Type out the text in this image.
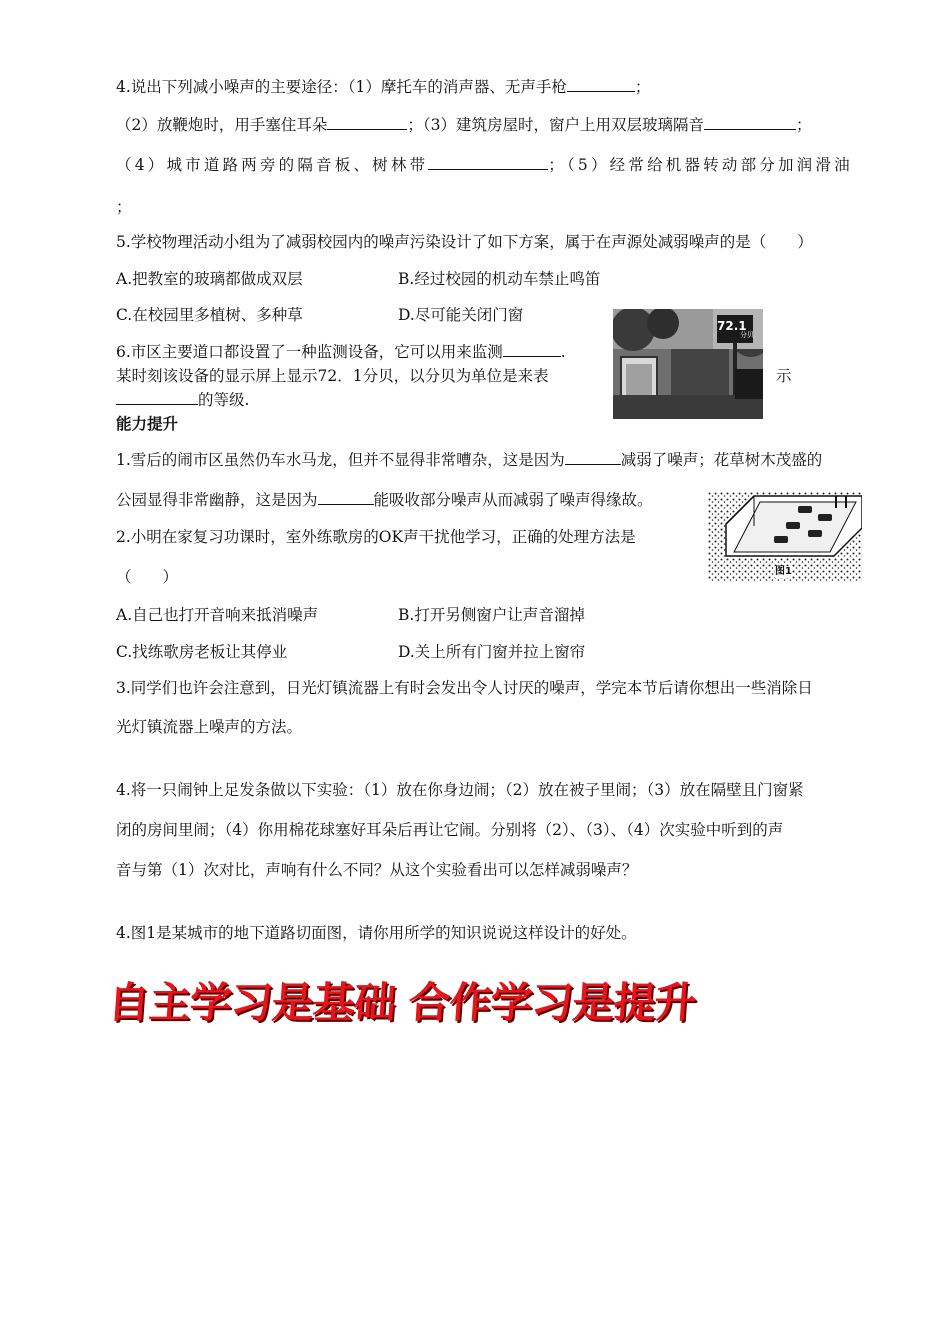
4.说出下列减小噪声的主要途径：（1）摩托车的消声器、无声手枪	；
（2）放鞭炮时，用手塞住耳朵	；（3）建筑房屋时，窗户上用双层玻璃隔音	；
（4）城市道路两旁的隔音板、树林带	；（5）经常给机器转动部分加润滑油
；
5.学校物理活动小组为了减弱校园内的噪声污染设计了如下方案，属于在声源处减弱噪声的是（　　）
A.把教室的玻璃都做成双层	B.经过校园的机动车禁止鸣笛
C.在校园里多植树、多种草	D.尽可能关闭门窗
6.市区主要道口都设置了一种监测设备，它可以用来监测	.
某时刻该设备的显示屏上显示72．1分贝，以分贝为单位是来表	示
的等级.
72.1
分贝
能力提升
1.雪后的闹市区虽然仍车水马龙，但并不显得非常嘈杂，这是因为	减弱了噪声；花草树木茂盛的
公园显得非常幽静，这是因为	能吸收部分噪声从而减弱了噪声得缘故。
图1
2.小明在家复习功课时，室外练歌房的OK声干扰他学习，正确的处理方法是
（　　）
A.自己也打开音响来抵消噪声	B.打开另侧窗户让声音溜掉
C.找练歌房老板让其停业	D.关上所有门窗并拉上窗帘
3.同学们也许会注意到，日光灯镇流器上有时会发出令人讨厌的噪声，学完本节后请你想出一些消除日
光灯镇流器上噪声的方法。
4.将一只闹钟上足发条做以下实验：（1）放在你身边闹；（2）放在被子里闹；（3）放在隔壁且门窗紧
闭的房间里闹；（4）你用棉花球塞好耳朵后再让它闹。分别将（2）、（3）、（4）次实验中听到的声
音与第（1）次对比，声响有什么不同？从这个实验看出可以怎样减弱噪声？
4.图1是某城市的地下道路切面图，请你用所学的知识说说这样设计的好处。
自主学习是基础 合作学习是提升
